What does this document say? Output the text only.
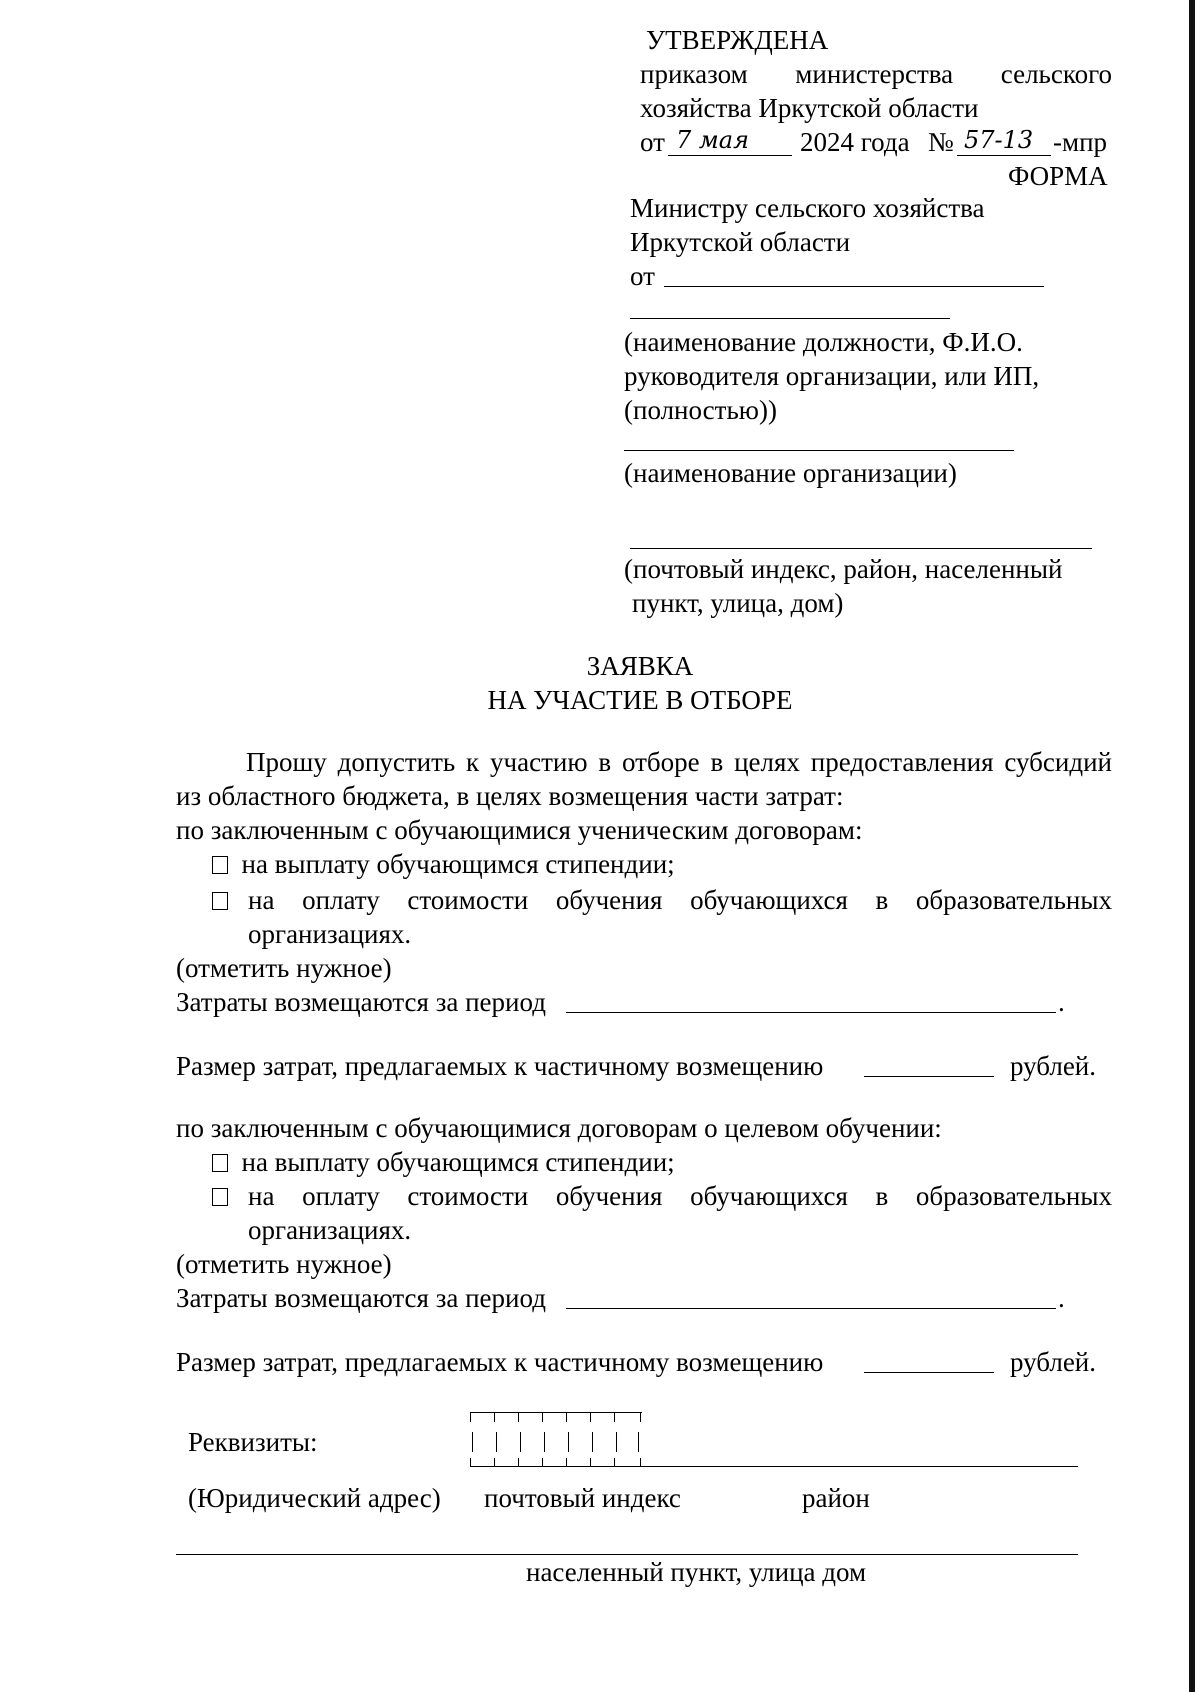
УТВЕРЖДЕНА
приказом министерства сельского
хозяйства Иркутской области
от 7 мая 2024 года № 57-13 -мпр
ФОРМА
Министру сельского хозяйства
Иркутской области
от
(наименование должности, Ф.И.О.
руководителя организации, или ИП,
(полностью))
(наименование организации)
(почтовый индекс, район, населенный
пункт, улица, дом)
ЗАЯВКА
НА УЧАСТИЕ В ОТБОРЕ
Прошу допустить к участию в отборе в целях предоставления субсидий
из областного бюджета, в целях возмещения части затрат:
по заключенным с обучающимися ученическим договорам:
на выплату обучающимся стипендии;
на оплату стоимости обучения обучающихся в образовательных
организациях.
(отметить нужное)
Затраты возмещаются за период	.
Размер затрат, предлагаемых к частичному возмещению	рублей.
по заключенным с обучающимися договорам о целевом обучении:
на выплату обучающимся стипендии;
на оплату стоимости обучения обучающихся в образовательных
организациях.
(отметить нужное)
Затраты возмещаются за период	.
Размер затрат, предлагаемых к частичному возмещению	рублей.
Реквизиты:
(Юридический адрес) почтовый индекс	район
населенный пункт, улица дом
